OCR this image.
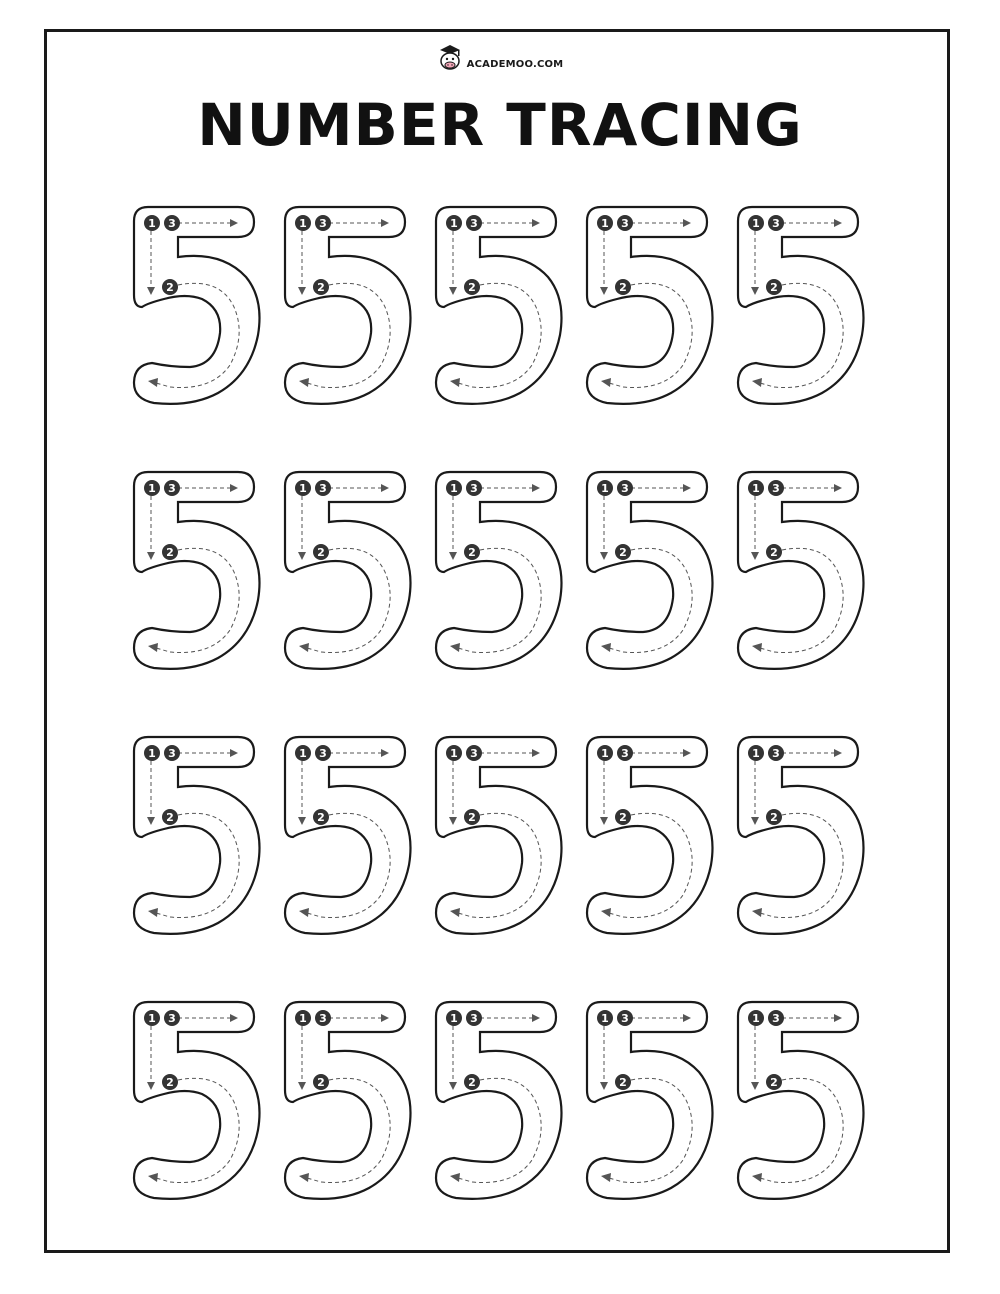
ACADEMOO.COM
NUMBER TRACING
1 3
2
1 3
2
1 3
2
1 3
2
1 3
2
1 3
2
1 3
2
1 3
2
1 3
2
1 3
2
1 3
2
1 3
2
1 3
2
1 3
2
1 3
2
1 3
2
1 3
2
1 3
2
1 3
2
1 3
2
